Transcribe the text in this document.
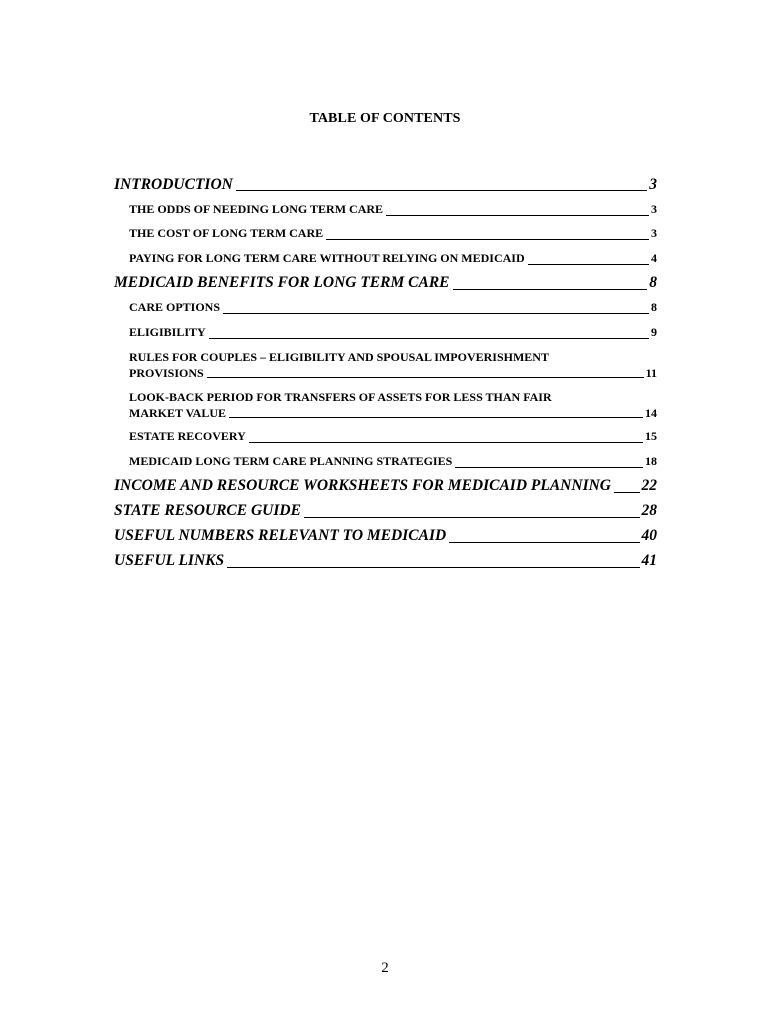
TABLE OF CONTENTS
INTRODUCTION	3
THE ODDS OF NEEDING LONG TERM CARE	3
THE COST OF LONG TERM CARE	3
PAYING FOR LONG TERM CARE WITHOUT RELYING ON MEDICAID	4
MEDICAID BENEFITS FOR LONG TERM CARE	8
CARE OPTIONS	8
ELIGIBILITY	9
RULES FOR COUPLES – ELIGIBILITY AND SPOUSAL IMPOVERISHMENT
PROVISIONS	11
LOOK-BACK PERIOD FOR TRANSFERS OF ASSETS FOR LESS THAN FAIR
MARKET VALUE	14
ESTATE RECOVERY	15
MEDICAID LONG TERM CARE PLANNING STRATEGIES	18
INCOME AND RESOURCE WORKSHEETS FOR MEDICAID PLANNING 22
STATE RESOURCE GUIDE	28
USEFUL NUMBERS RELEVANT TO MEDICAID	40
USEFUL LINKS	41
2
